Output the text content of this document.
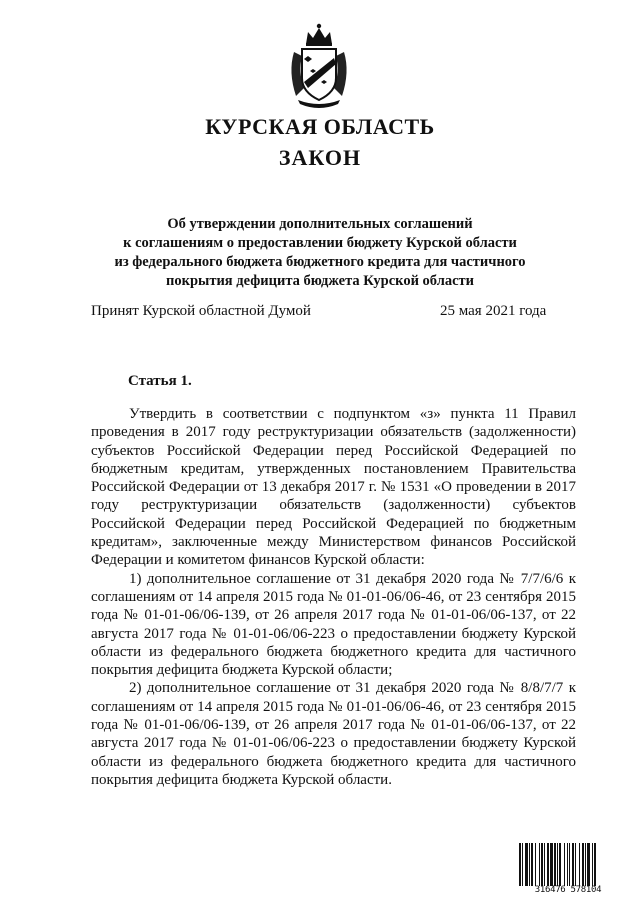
КУРСКАЯ ОБЛАСТЬ
ЗАКОН
Об утверждении дополнительных соглашений
к соглашениям о предоставлении бюджету Курской области
из федерального бюджета бюджетного кредита для частичного
покрытия дефицита бюджета Курской области
Принят Курской областной Думой	25 мая 2021 года
Статья 1.

Утвердить в соответствии с подпунктом «з» пункта 11 Правил проведения в 2017 году реструктуризации обязательств (задолженности) субъектов Российской Федерации перед Российской Федерацией по бюджетным кредитам, утвержденных постановлением Правительства Российской Федерации от 13 декабря 2017 г. № 1531 «О проведении в 2017 году реструктуризации обязательств (задолженности) субъектов Российской Федерации перед Российской Федерацией по бюджетным кредитам», заключенные между Министерством финансов Российской Федерации и комитетом финансов Курской области:

1) дополнительное соглашение от 31 декабря 2020 года № 7/7/6/6 к соглашениям от 14 апреля 2015 года № 01-01-06/06-46, от 23 сентября 2015 года № 01-01-06/06-139, от 26 апреля 2017 года № 01-01-06/06-137, от 22 августа 2017 года № 01-01-06/06-223 о предоставлении бюджету Курской области из федерального бюджета бюджетного кредита для частичного покрытия дефицита бюджета Курской области;

2) дополнительное соглашение от 31 декабря 2020 года № 8/8/7/7 к соглашениям от 14 апреля 2015 года № 01-01-06/06-46, от 23 сентября 2015 года № 01-01-06/06-139, от 26 апреля 2017 года № 01-01-06/06-137, от 22 августа 2017 года № 01-01-06/06-223 о предоставлении бюджету Курской области из федерального бюджета бюджетного кредита для частичного покрытия дефицита бюджета Курской области.

316476 578104
